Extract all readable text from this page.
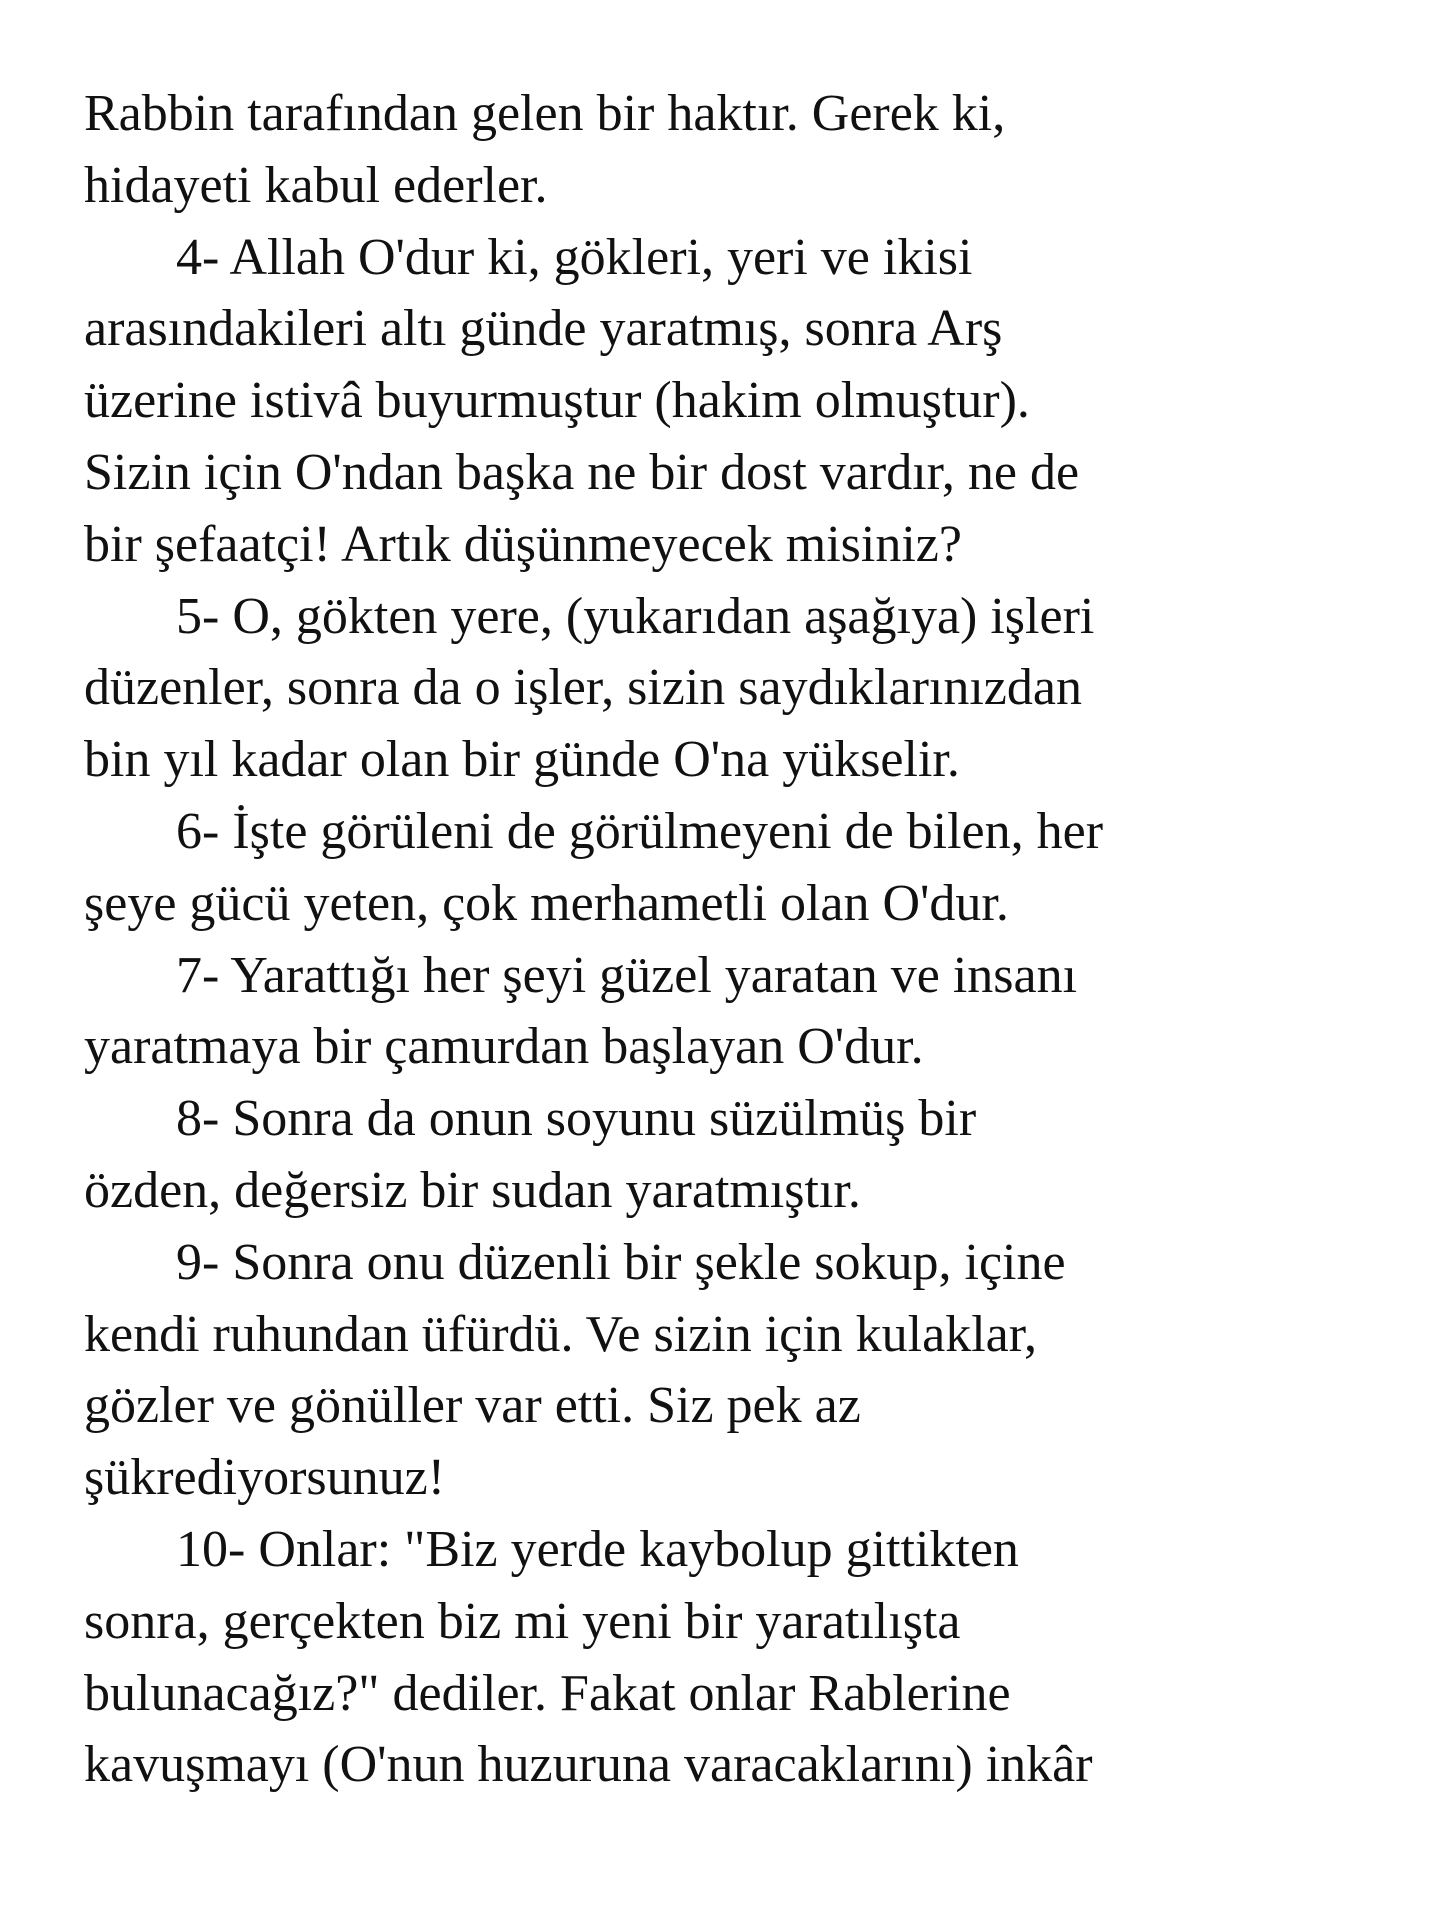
Rabbin tarafından gelen bir haktır. Gerek ki,
hidayeti kabul ederler.
4- Allah O'dur ki, gökleri, yeri ve ikisi
arasındakileri altı günde yaratmış, sonra Arş
üzerine istivâ buyurmuştur (hakim olmuştur).
Sizin için O'ndan başka ne bir dost vardır, ne de
bir şefaatçi! Artık düşünmeyecek misiniz?
5- O, gökten yere, (yukarıdan aşağıya) işleri
düzenler, sonra da o işler, sizin saydıklarınızdan
bin yıl kadar olan bir günde O'na yükselir.
6- İşte görüleni de görülmeyeni de bilen, her
şeye gücü yeten, çok merhametli olan O'dur.
7- Yarattığı her şeyi güzel yaratan ve insanı
yaratmaya bir çamurdan başlayan O'dur.
8- Sonra da onun soyunu süzülmüş bir
özden, değersiz bir sudan yaratmıştır.
9- Sonra onu düzenli bir şekle sokup, içine
kendi ruhundan üfürdü. Ve sizin için kulaklar,
gözler ve gönüller var etti. Siz pek az
şükrediyorsunuz!
10- Onlar: "Biz yerde kaybolup gittikten
sonra, gerçekten biz mi yeni bir yaratılışta
bulunacağız?" dediler. Fakat onlar Rablerine
kavuşmayı (O'nun huzuruna varacaklarını) inkâr
